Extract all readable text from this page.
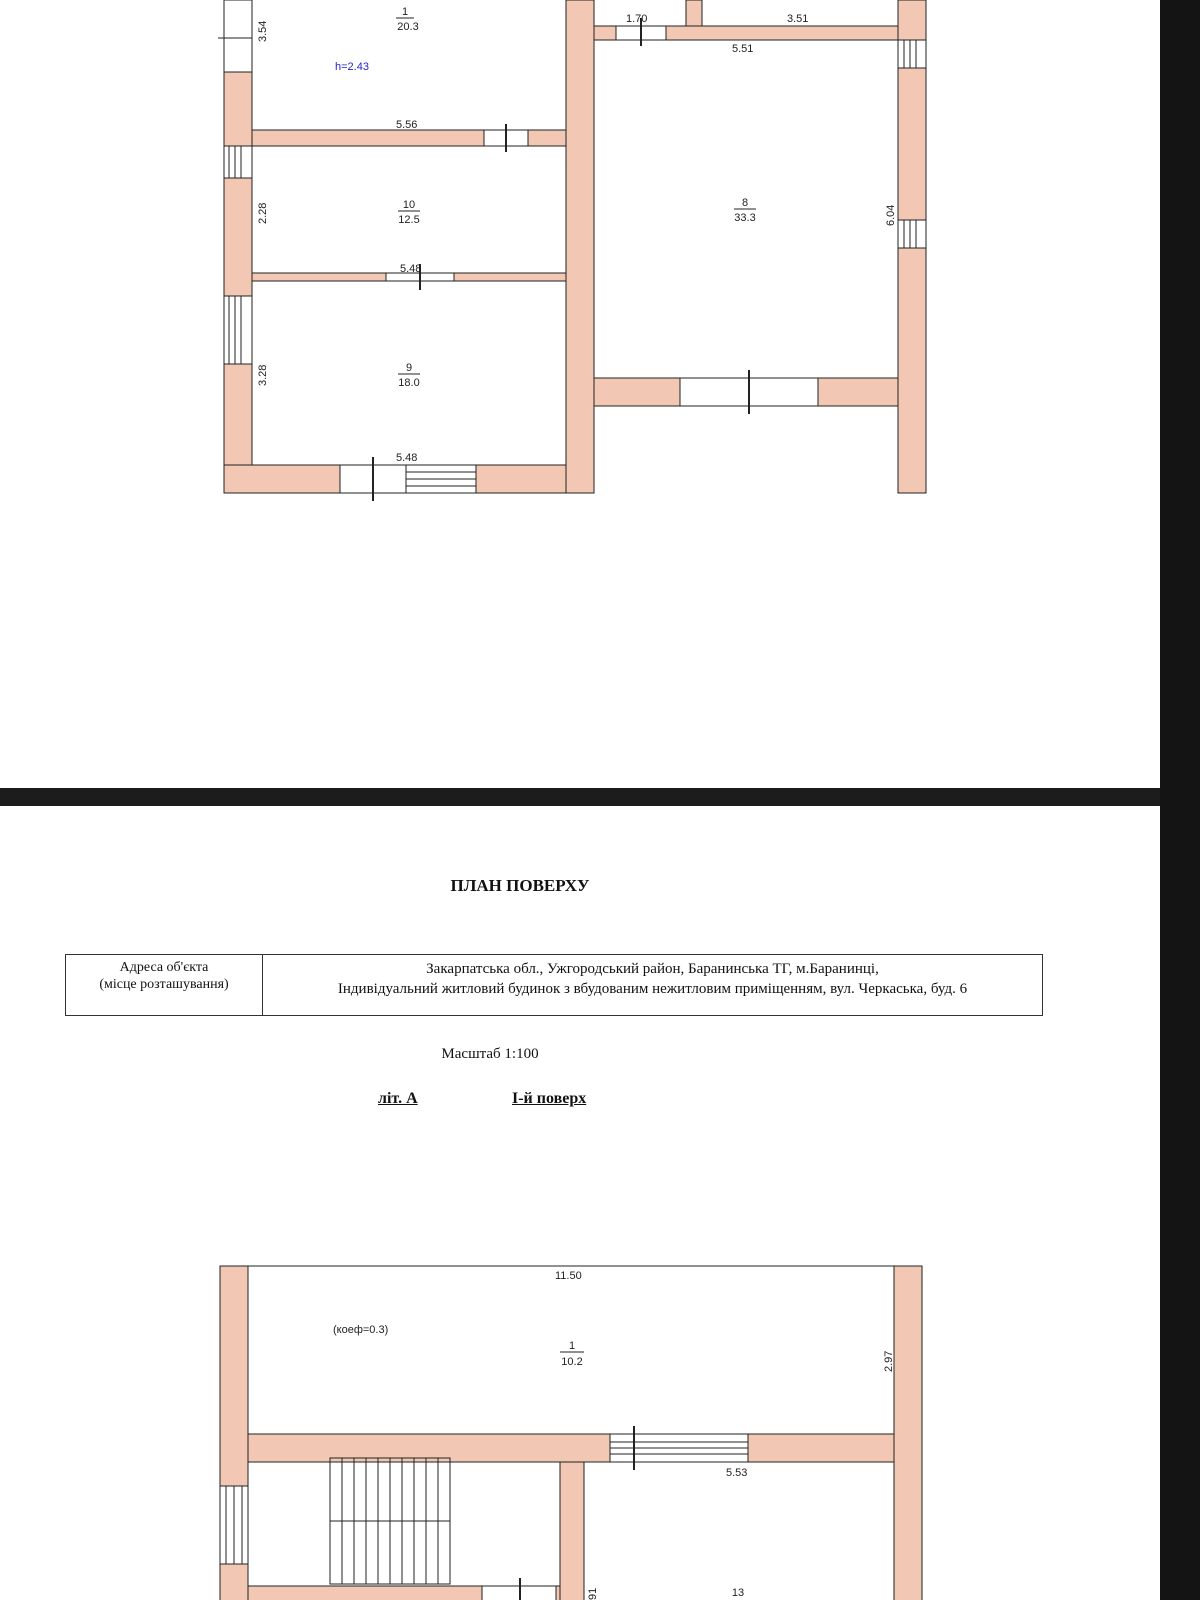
3.54
1.70	3.51
5.51
5.56
2.28
5.48
3.28
5.48
6.04
h=2.43
1
20.3
10
12.5
9
18.0
8
33.3
ПЛАН ПОВЕРХУ
Адреса об'єкта
(місце розташування)
Закарпатська обл., Ужгородський район, Баранинська ТГ, м.Баранинці,
Індивідуальний житловий будинок з вбудованим нежитловим приміщенням, вул. Черкаська, буд. 6
Масштаб 1:100
літ. А	І-й поверх
11.50
2.97
5.53
91
(коеф=0.3)
1
10.2
13
